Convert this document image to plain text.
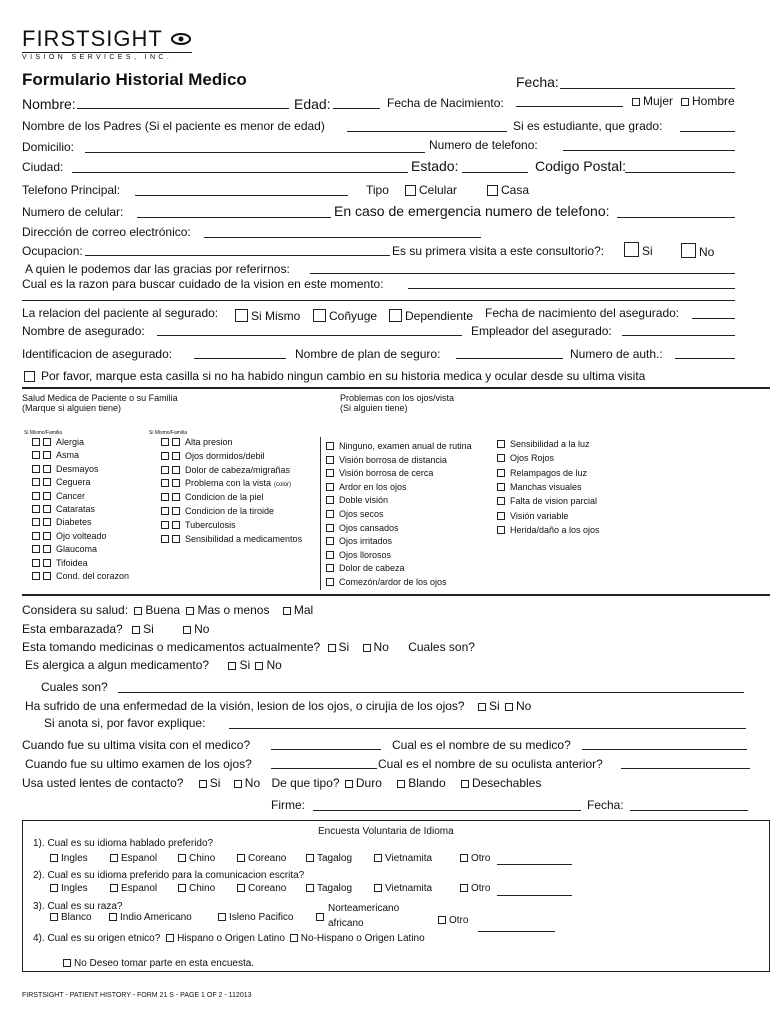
FIRSTSIGHT
VISION SERVICES, INC.
Formulario Historial Medico	Fecha:
Nombre:	Edad:	Fecha de Nacimiento:	Mujer	Hombre
Nombre de los Padres (Si el paciente es menor de edad)	Si es estudiante, que grado:
Domicilio:	Numero de telefono:
Ciudad:	Estado:	Codigo Postal:
Telefono Principal:	Tipo	Celular	Casa
Numero de celular:	En caso de emergencia numero de telefono:
Dirección de correo electrónico:
Ocupacion:	Es su primera visita a este consultorio?:	Si	No
A quien le podemos dar las gracias por referirnos:
Cual es la razon para buscar cuidado de la vision en este momento:
La relacion del paciente al segurado:	Si Mismo	Coñyuge	Dependiente Fecha de nacimiento del asegurado:
Nombre de asegurado:	Empleador del asegurado:
Identificacion de asegurado:	Nombre de plan de seguro:	Numero de auth.:
Por favor, marque esta casilla si no ha habido ningun cambio en su historia medica y ocular desde su ultima visita
Salud Medica de Paciente o su Familia
(Marque si alguien tiene)
Problemas con los ojos/vista
(Si alguien tiene)
Si Mismo/Familia	Si Mismo/Familia
Alergia
Asma
Desmayos
Ceguera
Cancer
Cataratas
Diabetes
Ojo volteado
Glaucoma
Tifoidea
Cond. del corazon
Alta presion
Ojos dormidos/debil
Dolor de cabeza/migrañas
Problema con la vista (color)
Condicion de la piel
Condicion de la tiroide
Tuberculosis
Sensibilidad a medicamentos
Ninguno, examen anual de rutina
Visión borrosa de distancia
Visión borrosa de cerca
Ardor en los ojos
Doble visión
Ojos secos
Ojos cansados
Ojos irritados
Ojos llorosos
Dolor de cabeza
Comezón/ardor de los ojos
Sensibilidad a la luz
Ojos Rojos
Relampagos de luz
Manchas visuales
Falta de vision parcial
Visión variable
Herida/daño a los ojos
Considera su salud: Buena Mas o menos Mal
Esta embarazada? Si	No
Esta tomando medicinas o medicamentos actualmente? Si No Cuales son?
Es alergica a algun medicamento?	Si No
Cuales son?
Ha sufrido de una enfermedad de la visión, lesion de los ojos, o cirujia de los ojos? Si No
Si anota si, por favor explique:
Cuando fue su ultima visita con el medico?	Cual es el nombre de su medico?
Cuando fue su ultimo examen de los ojos?	Cual es el nombre de su oculista anterior?
Usa usted lentes de contacto? Si No De que tipo? Duro Blando Desechables
Firme:	Fecha:
Encuesta Voluntaria de Idioma
1). Cual es su idioma hablado preferido?
Ingles	Espanol	Chino	Coreano	Tagalog	Vietnamita	Otro
2). Cual es su idioma preferido para la comunicacion escrita?
Ingles	Espanol	Chino	Coreano	Tagalog	Vietnamita	Otro
3). Cual es su raza?
Blanco	Indio Americano	Isleno Pacifico
Norteamericano
africano	Otro
4). Cual es su origen etnico? Hispano o Origen Latino No-Hispano o Origen Latino
No Deseo tomar parte en esta encuesta.
FIRSTSIGHT - PATIENT HISTORY - FORM 21 S - PAGE 1 OF 2 - 112013
